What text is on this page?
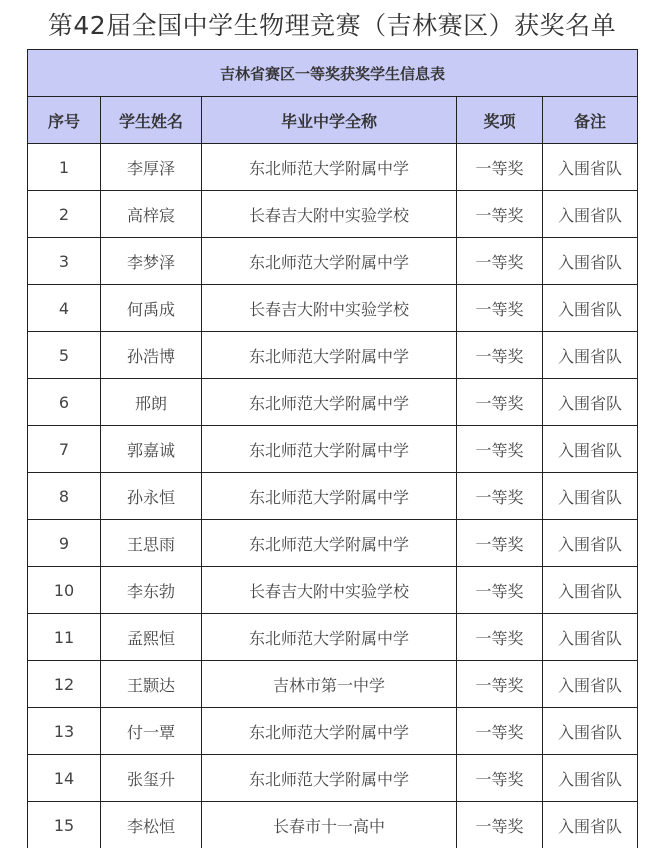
第42届全国中学生物理竞赛（吉林赛区）获奖名单
吉林省赛区一等奖获奖学生信息表				
序号	学生姓名	毕业中学全称	奖项	备注
1	李厚泽	东北师范大学附属中学	一等奖	入围省队
2	高梓宸	长春吉大附中实验学校	一等奖	入围省队
3	李梦泽	东北师范大学附属中学	一等奖	入围省队
4	何禹成	长春吉大附中实验学校	一等奖	入围省队
5	孙浩博	东北师范大学附属中学	一等奖	入围省队
6	邢朗	东北师范大学附属中学	一等奖	入围省队
7	郭嘉诚	东北师范大学附属中学	一等奖	入围省队
8	孙永恒	东北师范大学附属中学	一等奖	入围省队
9	王思雨	东北师范大学附属中学	一等奖	入围省队
10	李东勃	长春吉大附中实验学校	一等奖	入围省队
11	孟熙恒	东北师范大学附属中学	一等奖	入围省队
12	王颢达	吉林市第一中学	一等奖	入围省队
13	付一覃	东北师范大学附属中学	一等奖	入围省队
14	张玺升	东北师范大学附属中学	一等奖	入围省队
15	李松恒	长春市十一高中	一等奖	入围省队
